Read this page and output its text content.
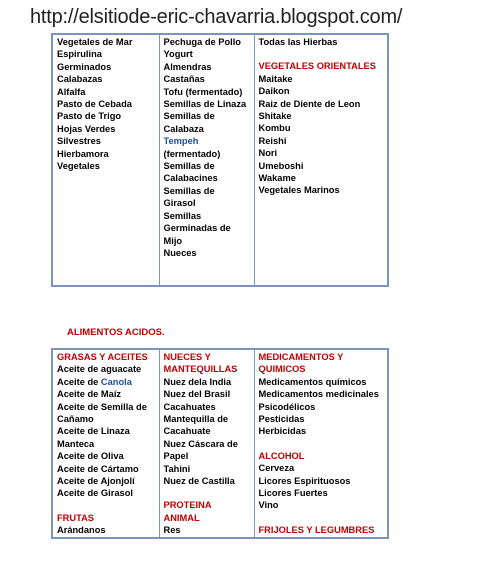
http://elsitiode-eric-chavarria.blogspot.com/
Vegetales de Mar
Espirulina
Germinados
Calabazas
Alfalfa
Pasto de Cebada
Pasto de Trigo
Hojas Verdes
Silvestres
Hierbamora
Vegetales

Pechuga de Pollo
Yogurt
Almendras
Castañas
Tofu (fermentado)
Semillas de Linaza
Semillas de
Calabaza
Tempeh
(fermentado)
Semillas de
Calabacines
Semillas de
Girasol
Semillas
Germinadas de
Mijo
Nueces

Todas las Hierbas
VEGETALES ORIENTALES
Maitake
Daikon
Raiz de Diente de Leon
Shitake
Kombu
Reishi
Nori
Umeboshi
Wakame
Vegetales Marinos
ALIMENTOS ACIDOS.
GRASAS Y ACEITES
Aceite de aguacate
Aceite de Canola
Aceite de Maíz
Aceite de Semilla de
Cañamo
Aceite de Linaza
Manteca
Aceite de Oliva
Aceite de Cártamo
Aceite de Ajonjolí
Aceite de Girasol
FRUTAS
Arándanos

NUECES Y
MANTEQUILLAS
Nuez dela India
Nuez del Brasil
Cacahuates
Mantequilla de
Cacahuate
Nuez Cáscara de
Papel
Tahini
Nuez de Castilla
PROTEINA
ANIMAL
Res

MEDICAMENTOS Y
QUIMICOS
Medicamentos químicos
Medicamentos medicinales
Psicodélicos
Pesticidas
Herbicidas
ALCOHOL
Cerveza
Licores Espirituosos
Licores Fuertes
Vino
FRIJOLES Y LEGUMBRES
